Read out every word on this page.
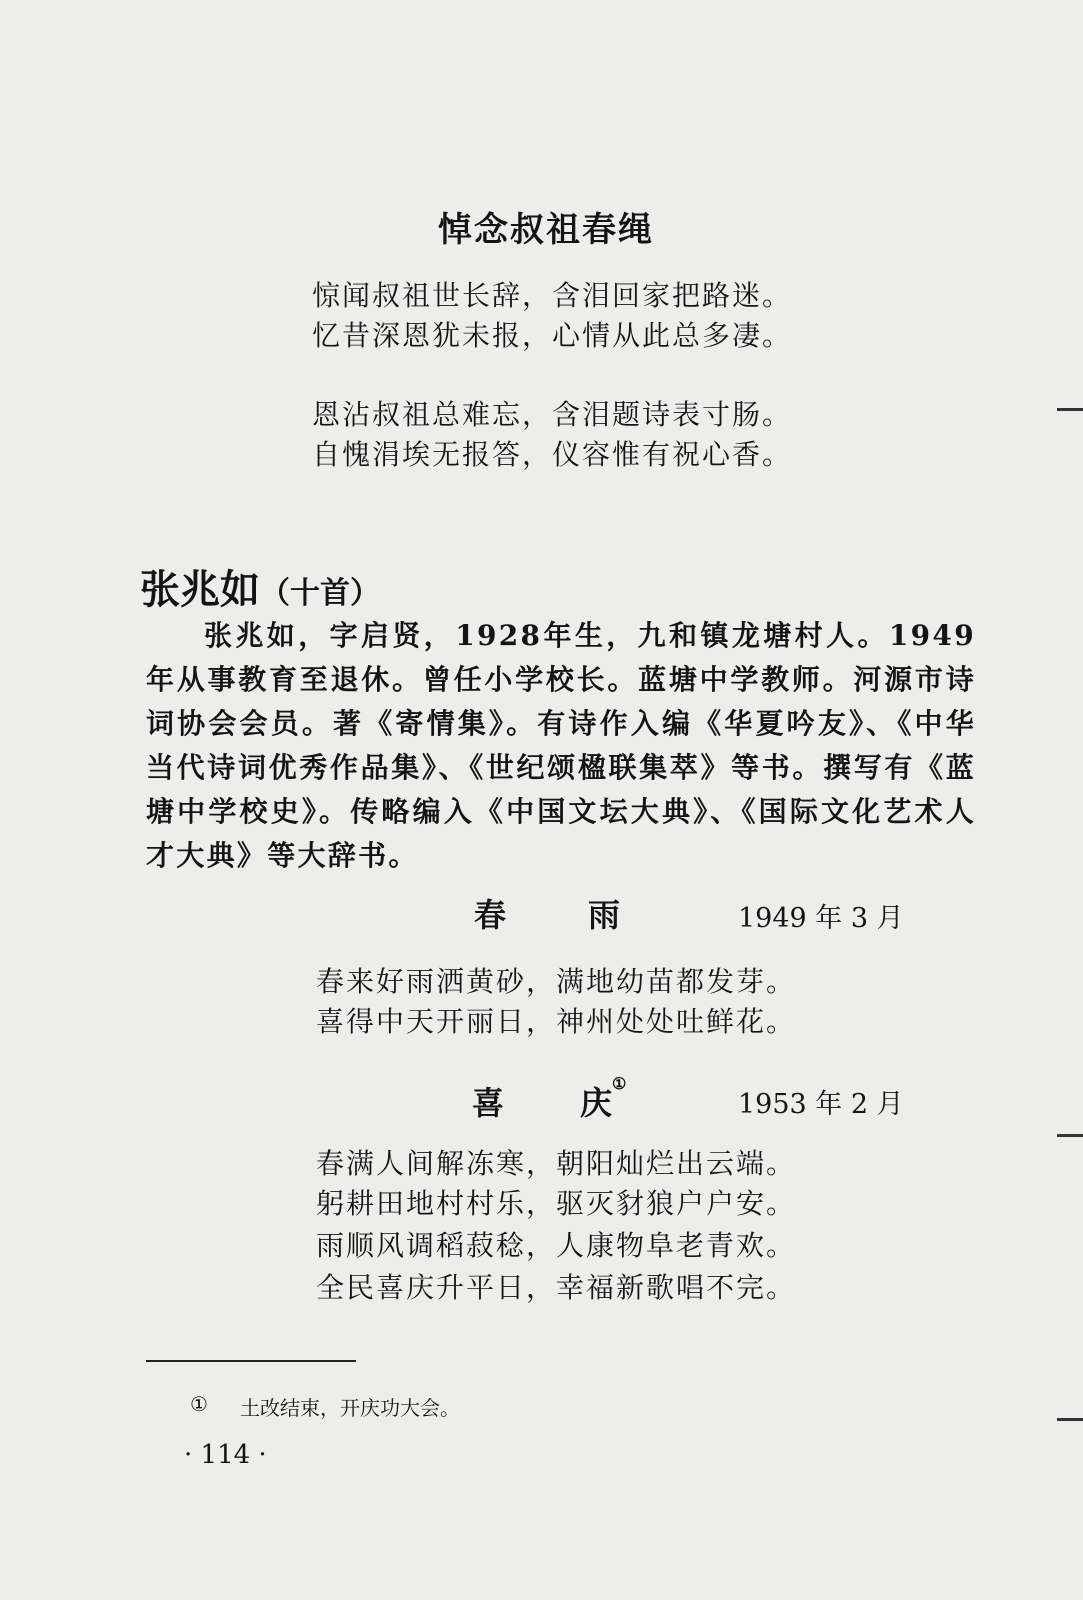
悼念叔祖春绳
惊闻叔祖世长辞，含泪回家把路迷。
忆昔深恩犹未报，心情从此总多凄。
恩沾叔祖总难忘，含泪题诗表寸肠。
自愧涓埃无报答，仪容惟有祝心香。
张兆如（十首）
张兆如，字启贤，1928年生，九和镇龙塘村人。1949年从事教育至退休。曾任小学校长。蓝塘中学教师。河源市诗词协会会员。著《寄情集》。有诗作入编《华夏吟友》、《中华当代诗词优秀作品集》、《世纪颂楹联集萃》等书。撰写有《蓝塘中学校史》。传略编入《中国文坛大典》、《国际文化艺术人才大典》等大辞书。
春	雨	1949 年 3 月
春来好雨洒黄砂，满地幼苗都发芽。
喜得中天开丽日，神州处处吐鲜花。
喜 庆①
1953 年 2 月
春满人间解冻寒，朝阳灿烂出云端。
躬耕田地村村乐，驱灭豺狼户户安。
雨顺风调稻菽稔，人康物阜老青欢。
全民喜庆升平日，幸福新歌唱不完。
① 土改结束，开庆功大会。
· 114 ·
